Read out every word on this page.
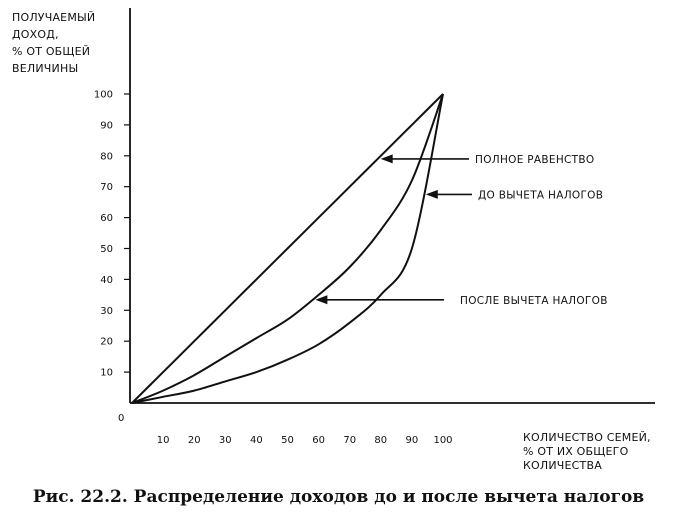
ПОЛУЧАЕМЫЙ
ДОХОД,
% ОТ ОБЩЕЙ
ВЕЛИЧИНЫ
0
10
20
30
40
50
60
70
80
90
100
10 20 30 40 50 60 70 80 90 100
ПОЛНОЕ РАВЕНСТВО
ДО ВЫЧЕТА НАЛОГОВ
ПОСЛЕ ВЫЧЕТА НАЛОГОВ
КОЛИЧЕСТВО СЕМЕЙ,
% ОТ ИХ ОБЩЕГО
КОЛИЧЕСТВА
Рис. 22.2. Распределение доходов до и после вычета налогов
